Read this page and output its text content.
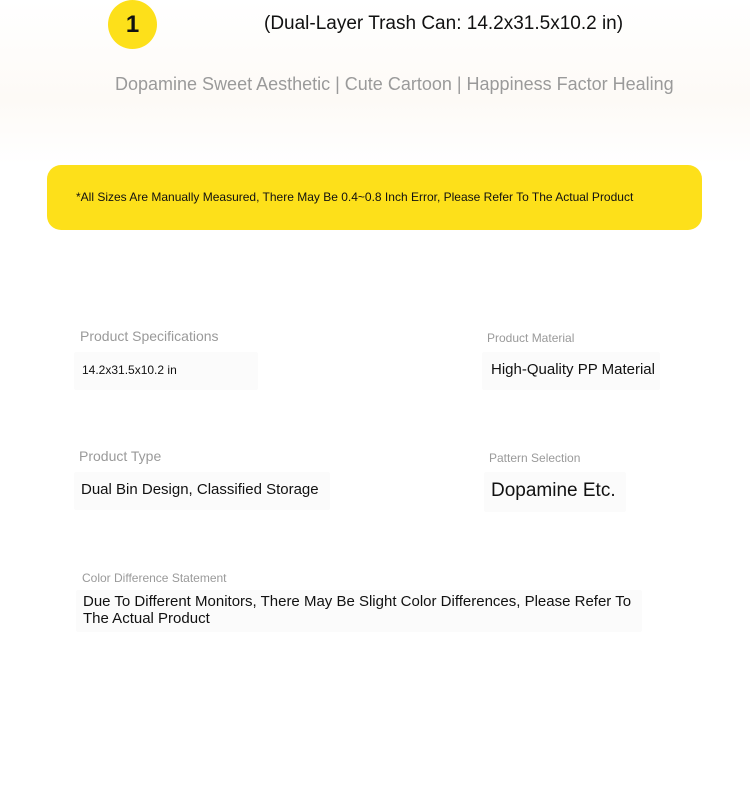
1	(Dual-Layer Trash Can: 14.2x31.5x10.2 in)
Dopamine Sweet Aesthetic | Cute Cartoon | Happiness Factor Healing
*All Sizes Are Manually Measured, There May Be 0.4~0.8 Inch Error, Please Refer To The Actual Product
Product Specifications
14.2x31.5x10.2 in
Product Material
High-Quality PP Material
Product Type
Dual Bin Design, Classified Storage
Pattern Selection
Dopamine Etc.
Color Difference Statement
Due To Different Monitors, There May Be Slight Color Differences, Please Refer To The Actual Product
